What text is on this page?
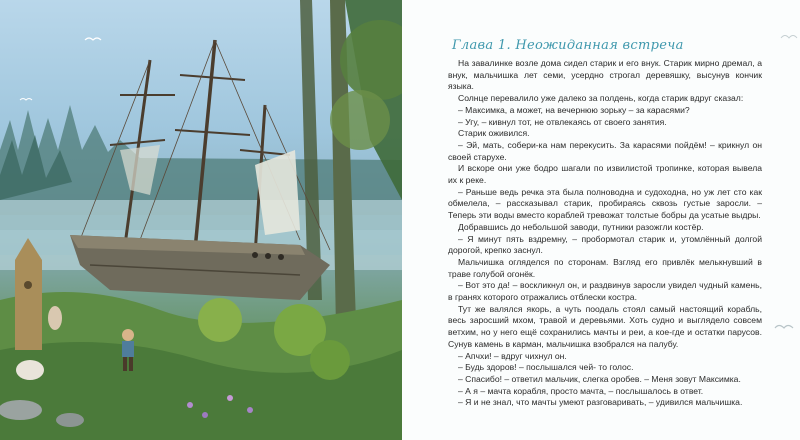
Глава 1. Неожиданная встреча

На завалинке возле дома сидел старик и его внук. Старик мирно дремал, а внук, мальчишка лет семи, усердно строгал деревяшку, высунув кончик языка.

Солнце перевалило уже далеко за полдень, когда старик вдруг сказал:

– Максимка, а может, на вечернюю зорьку – за карасями?

– Угу, – кивнул тот, не отвлекаясь от своего занятия.

Старик оживился.

– Эй, мать, собери-ка нам перекусить. За карасями пойдём! – крикнул он своей старухе.

И вскоре они уже бодро шагали по извилистой тропинке, которая вывела их к реке.

– Раньше ведь речка эта была полноводна и судоходна, но уж лет сто как обмелела, – рассказывал старик, пробираясь сквозь густые заросли. – Теперь эти воды вместо кораблей тревожат толстые бобры да усатые выдры.

Добравшись до небольшой заводи, путники разожгли костёр.

– Я минут пять вздремну, – пробормотал старик и, утомлённый долгой дорогой, крепко заснул.

Мальчишка огляделся по сторонам. Взгляд его привлёк мелькнувший в траве голубой огонёк.

– Вот это да! – воскликнул он, и раздвинув заросли увидел чудный камень, в гранях которого отражались отблески костра.

Тут же валялся якорь, а чуть поодаль стоял самый настоящий корабль, весь заросший мхом, травой и деревьями. Хоть судно и выглядело совсем ветхим, но у него ещё сохранились мачты и реи, а кое-где и остатки парусов. Сунув камень в карман, мальчишка взобрался на палубу.

– Апчхи! – вдруг чихнул он.

– Будь здоров! – послышался чей- то голос.

– Спасибо! – ответил мальчик, слегка оробев. – Меня зовут Максимка.

– А я – мачта корабля, просто мачта, – послышалось в ответ.

– Я и не знал, что мачты умеют разговаривать, – удивился мальчишка.
